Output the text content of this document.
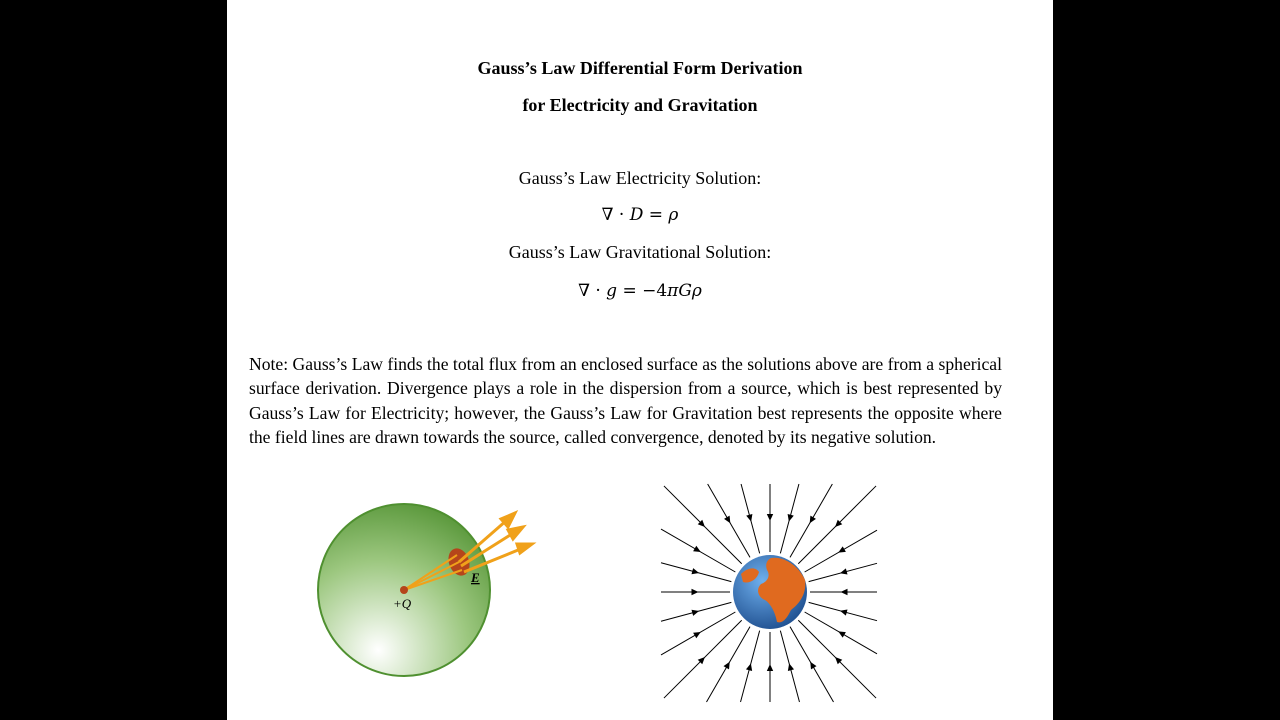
Gauss’s Law Differential Form Derivation
for Electricity and Gravitation
Gauss’s Law Electricity Solution:
∇ · D = ρ
Gauss’s Law Gravitational Solution:
∇ · g = −4πGρ
Note: Gauss’s Law finds the total flux from an enclosed surface as the solutions above are from a spherical surface derivation. Divergence plays a role in the dispersion from a source, which is best represented by Gauss’s Law for Electricity; however, the Gauss’s Law for Gravitation best represents the opposite where the field lines are drawn towards the source, called convergence, denoted by its negative solution.
+Q
E
